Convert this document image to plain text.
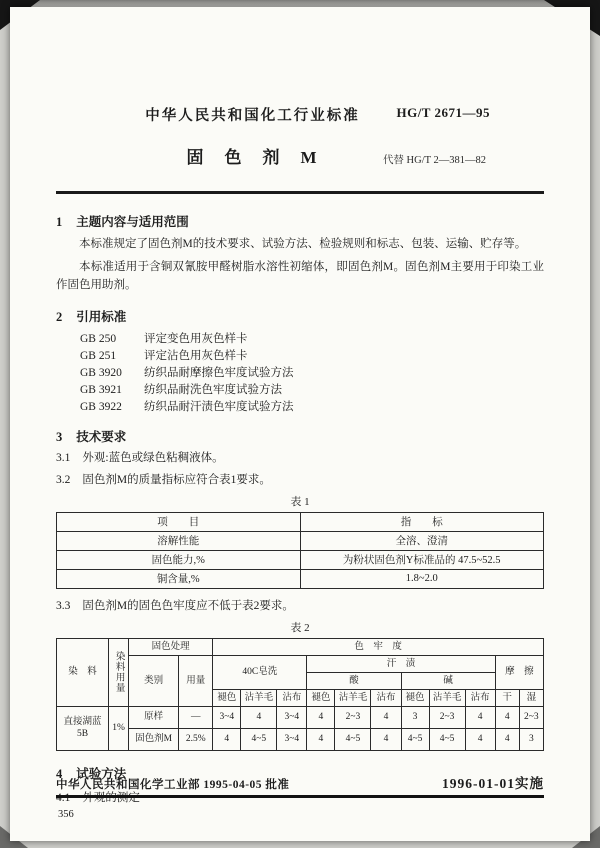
中华人民共和国化工行业标准	HG/T 2671—95
固　色　剂　M	代替 HG/T 2—381—82
1 主题内容与适用范围
本标准规定了固色剂M的技术要求、试验方法、检验规则和标志、包装、运输、贮存等。
本标准适用于含铜双氰胺甲醛树脂水溶性初缩体，即固色剂M。固色剂M主要用于印染工业作固色用助剂。
2 引用标准
GB 250 评定变色用灰色样卡
GB 251 评定沾色用灰色样卡
GB 3920 纺织品耐摩擦色牢度试验方法
GB 3921 纺织品耐洗色牢度试验方法
GB 3922 纺织品耐汗渍色牢度试验方法
3 技术要求
3.1 外观:蓝色或绿色粘稠液体。
3.2 固色剂M的质量指标应符合表1要求。
表 1
项　　目	指　　标
溶解性能	全溶、澄清
固色能力,%	为粉状固色剂Y标准品的 47.5~52.5
铜含量,%	1.8~2.0
3.3 固色剂M的固色色牢度应不低于表2要求。
表 2
染　料	染料用量	固色处理		色　牢　度										
		类别	用量	40C皂洗			汗　渍						摩　擦	
							酸			碱				
				褪色	沾羊毛	沾布	褪色	沾羊毛	沾布	褪色	沾羊毛	沾布	干	湿
直接湖蓝 5B	1%	原样	—	3~4	4	3~4	4	2~3	4	3	2~3	4	4	2~3
		固色剂M	2.5%	4	4~5	3~4	4	4~5	4	4~5	4~5	4	4	3
4 试验方法
中华人民共和国化学工业部 1995-04-05 批准	1996-01-01实施
356
